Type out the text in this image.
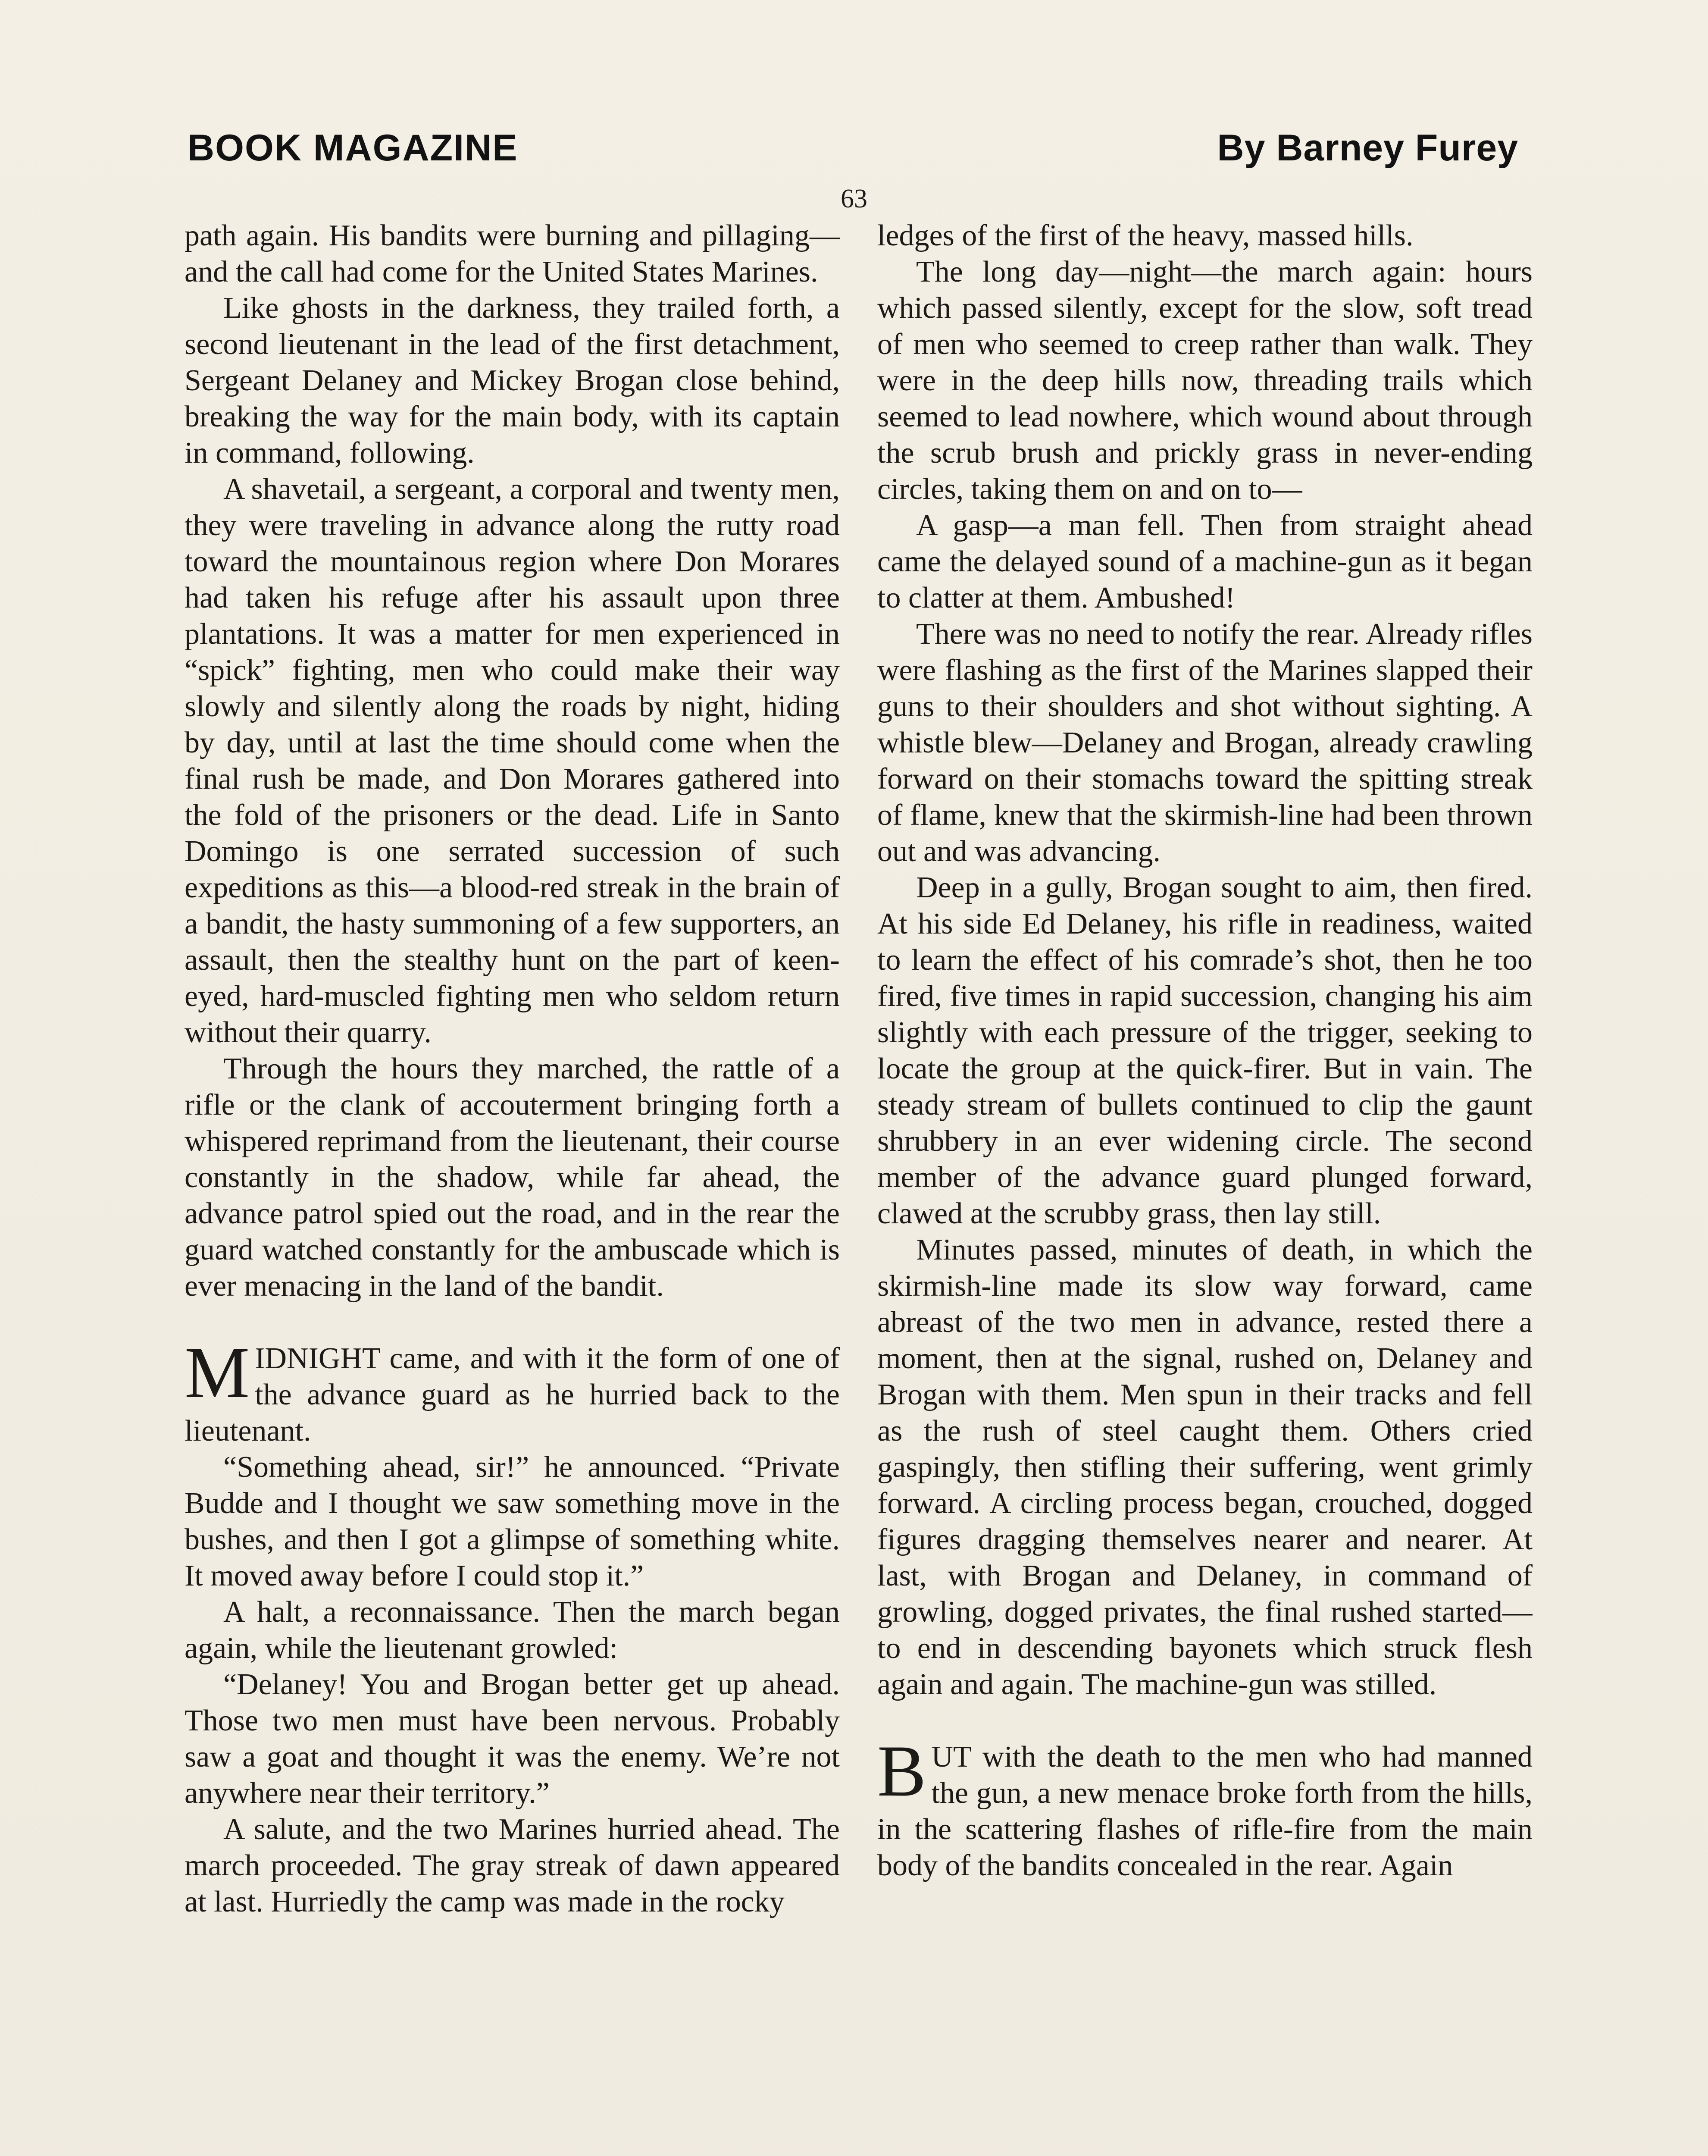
BOOK MAGAZINE	By Barney Furey
63

path again. His bandits were burning and pillaging—and the call had come for the United States Marines.

Like ghosts in the darkness, they trailed forth, a second lieutenant in the lead of the first detachment, Sergeant Delaney and Mickey Brogan close behind, breaking the way for the main body, with its captain in command, following.

A shavetail, a sergeant, a corporal and twenty men, they were traveling in advance along the rutty road toward the mountainous region where Don Morares had taken his refuge after his assault upon three plantations. It was a matter for men experienced in “spick” fighting, men who could make their way slowly and silently along the roads by night, hiding by day, until at last the time should come when the final rush be made, and Don Morares gathered into the fold of the prisoners or the dead. Life in Santo Domingo is one serrated succession of such expeditions as this—a blood-red streak in the brain of a bandit, the hasty summoning of a few supporters, an assault, then the stealthy hunt on the part of keen-eyed, hard-muscled fighting men who seldom return without their quarry.

Through the hours they marched, the rattle of a rifle or the clank of accouterment bringing forth a whispered reprimand from the lieutenant, their course constantly in the shadow, while far ahead, the advance patrol spied out the road, and in the rear the guard watched constantly for the ambuscade which is ever menacing in the land of the bandit.

MIDNIGHT came, and with it the form of one of the advance guard as he hurried back to the lieutenant.

“Something ahead, sir!” he announced. “Private Budde and I thought we saw something move in the bushes, and then I got a glimpse of something white. It moved away before I could stop it.”

A halt, a reconnaissance. Then the march began again, while the lieutenant growled:

“Delaney! You and Brogan better get up ahead. Those two men must have been nervous. Probably saw a goat and thought it was the enemy. We’re not anywhere near their territory.”

A salute, and the two Marines hurried ahead. The march proceeded. The gray streak of dawn appeared at last. Hurriedly the camp was made in the rocky

ledges of the first of the heavy, massed hills.

The long day—night—the march again: hours which passed silently, except for the slow, soft tread of men who seemed to creep rather than walk. They were in the deep hills now, threading trails which seemed to lead nowhere, which wound about through the scrub brush and prickly grass in never-ending circles, taking them on and on to—

A gasp—a man fell. Then from straight ahead came the delayed sound of a machine-gun as it began to clatter at them. Ambushed!

There was no need to notify the rear. Already rifles were flashing as the first of the Marines slapped their guns to their shoulders and shot without sighting. A whistle blew—Delaney and Brogan, already crawling forward on their stomachs toward the spitting streak of flame, knew that the skirmish-line had been thrown out and was advancing.

Deep in a gully, Brogan sought to aim, then fired. At his side Ed Delaney, his rifle in readiness, waited to learn the effect of his comrade’s shot, then he too fired, five times in rapid succession, changing his aim slightly with each pressure of the trigger, seeking to locate the group at the quick-firer. But in vain. The steady stream of bullets continued to clip the gaunt shrubbery in an ever widening circle. The second member of the advance guard plunged forward, clawed at the scrubby grass, then lay still.

Minutes passed, minutes of death, in which the skirmish-line made its slow way forward, came abreast of the two men in advance, rested there a moment, then at the signal, rushed on, Delaney and Brogan with them. Men spun in their tracks and fell as the rush of steel caught them. Others cried gaspingly, then stifling their suffering, went grimly forward. A circling process began, crouched, dogged figures dragging themselves nearer and nearer. At last, with Brogan and Delaney, in command of growling, dogged privates, the final rushed started—to end in descending bayonets which struck flesh again and again. The machine-gun was stilled.

BUT with the death to the men who had manned the gun, a new menace broke forth from the hills, in the scattering flashes of rifle-fire from the main body of the bandits concealed in the rear. Again
